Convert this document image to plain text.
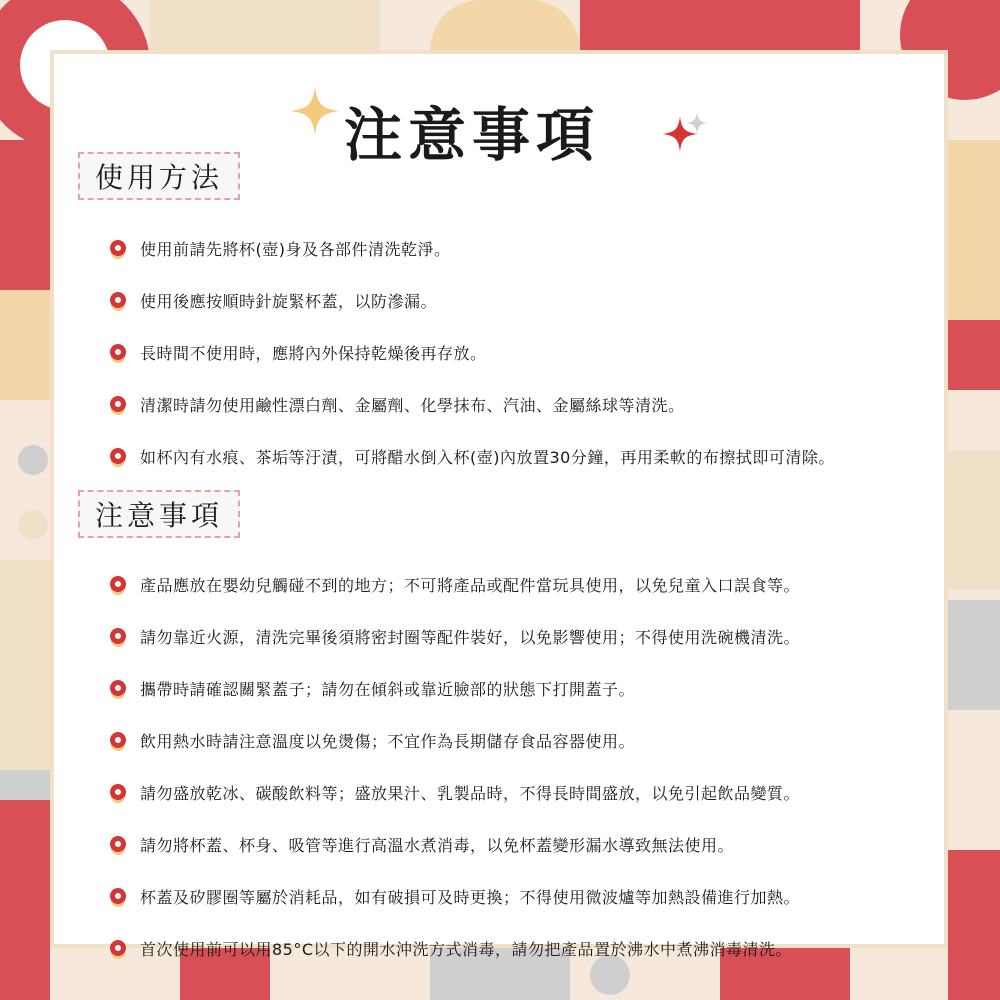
注意事項
使用方法
使用前請先將杯(壺)身及各部件清洗乾淨。
使用後應按順時針旋緊杯蓋，以防滲漏。
長時間不使用時，應將內外保持乾燥後再存放。
清潔時請勿使用鹼性漂白劑、金屬劑、化學抹布、汽油、金屬絲球等清洗。
如杯內有水痕、茶垢等汙漬，可將醋水倒入杯(壺)內放置30分鐘，再用柔軟的布擦拭即可清除。
注意事項
產品應放在嬰幼兒觸碰不到的地方；不可將產品或配件當玩具使用，以免兒童入口誤食等。
請勿靠近火源，清洗完畢後須將密封圈等配件裝好，以免影響使用；不得使用洗碗機清洗。
攜帶時請確認關緊蓋子；請勿在傾斜或靠近臉部的狀態下打開蓋子。
飲用熱水時請注意溫度以免燙傷；不宜作為長期儲存食品容器使用。
請勿盛放乾冰、碳酸飲料等；盛放果汁、乳製品時，不得長時間盛放，以免引起飲品變質。
請勿將杯蓋、杯身、吸管等進行高溫水煮消毒，以免杯蓋變形漏水導致無法使用。
杯蓋及矽膠圈等屬於消耗品，如有破損可及時更換；不得使用微波爐等加熱設備進行加熱。
首次使用前可以用85°C以下的開水沖洗方式消毒，請勿把產品置於沸水中煮沸消毒清洗。
